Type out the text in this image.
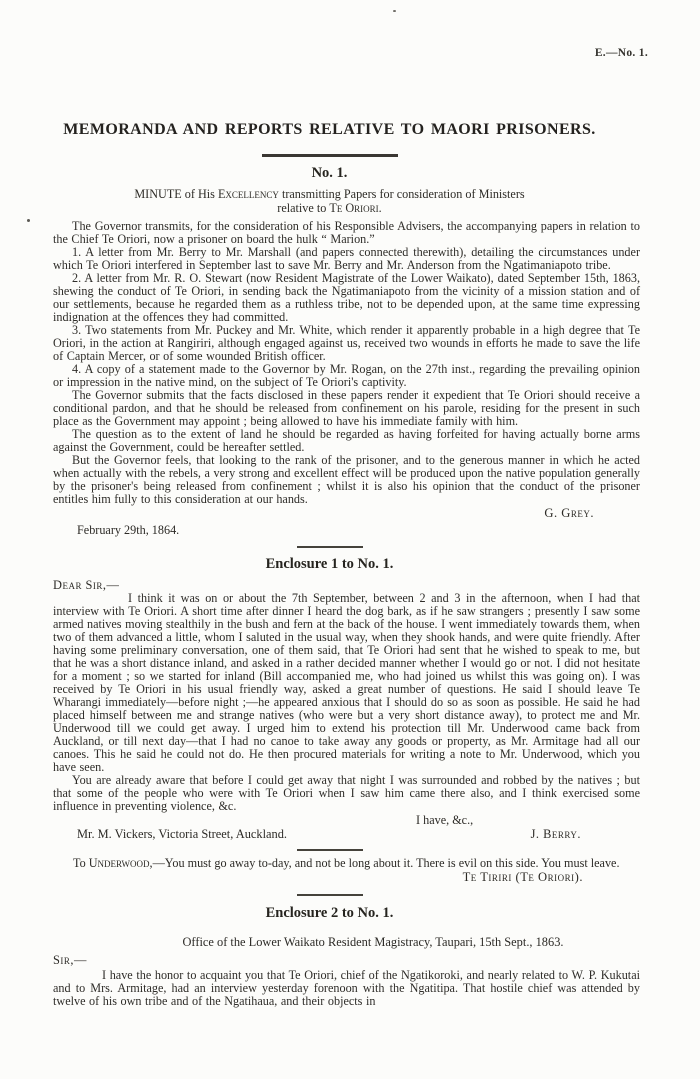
E.—No. 1.
MEMORANDA AND REPORTS RELATIVE TO MAORI PRISONERS.
No. 1.
MINUTE of His Excellency transmitting Papers for consideration of Ministers
relative to Te Oriori.

The Governor transmits, for the consideration of his Responsible Advisers, the accompanying papers in relation to the Chief Te Oriori, now a prisoner on board the hulk “ Marion.”

1. A letter from Mr. Berry to Mr. Marshall (and papers connected therewith), detailing the circumstances under which Te Oriori interfered in September last to save Mr. Berry and Mr. Anderson from the Ngatimaniapoto tribe.

2. A letter from Mr. R. O. Stewart (now Resident Magistrate of the Lower Waikato), dated September 15th, 1863, shewing the conduct of Te Oriori, in sending back the Ngatimaniapoto from the vicinity of a mission station and of our settlements, because he regarded them as a ruthless tribe, not to be depended upon, at the same time expressing indignation at the offences they had committed.

3. Two statements from Mr. Puckey and Mr. White, which render it apparently probable in a high degree that Te Oriori, in the action at Rangiriri, although engaged against us, received two wounds in efforts he made to save the life of Captain Mercer, or of some wounded British officer.

4. A copy of a statement made to the Governor by Mr. Rogan, on the 27th inst., regarding the prevailing opinion or impression in the native mind, on the subject of Te Oriori's captivity.

The Governor submits that the facts disclosed in these papers render it expedient that Te Oriori should receive a conditional pardon, and that he should be released from confinement on his parole, residing for the present in such place as the Government may appoint ; being allowed to have his immediate family with him.

The question as to the extent of land he should be regarded as having forfeited for having actually borne arms against the Government, could be hereafter settled.

But the Governor feels, that looking to the rank of the prisoner, and to the generous manner in which he acted when actually with the rebels, a very strong and excellent effect will be produced upon the native population generally by the prisoner's being released from confinement ; whilst it is also his opinion that the conduct of the prisoner entitles him fully to this consideration at our hands.

G. Grey.
February 29th, 1864.
Enclosure 1 to No. 1.
Dear Sir,—

I think it was on or about the 7th September, between 2 and 3 in the afternoon, when I had that interview with Te Oriori. A short time after dinner I heard the dog bark, as if he saw strangers ; presently I saw some armed natives moving stealthily in the bush and fern at the back of the house. I went immediately towards them, when two of them advanced a little, whom I saluted in the usual way, when they shook hands, and were quite friendly. After having some preliminary conversation, one of them said, that Te Oriori had sent that he wished to speak to me, but that he was a short distance inland, and asked in a rather decided manner whether I would go or not. I did not hesitate for a moment ; so we started for inland (Bill accompanied me, who had joined us whilst this was going on). I was received by Te Oriori in his usual friendly way, asked a great number of questions. He said I should leave Te Wharangi immediately—before night ;—he appeared anxious that I should do so as soon as possible. He said he had placed himself between me and strange natives (who were but a very short distance away), to protect me and Mr. Underwood till we could get away. I urged him to extend his protection till Mr. Underwood came back from Auckland, or till next day—that I had no canoe to take away any goods or property, as Mr. Armitage had all our canoes. This he said he could not do. He then procured materials for writing a note to Mr. Underwood, which you have seen.

You are already aware that before I could get away that night I was surrounded and robbed by the natives ; but that some of the people who were with Te Oriori when I saw him came there also, and I think exercised some influence in preventing violence, &c.

I have, &c.,
Mr. M. Vickers, Victoria Street, Auckland.	J. Berry.

To Underwood,—You must go away to-day, and not be long about it. There is evil on this side. You must leave.

Te Tiriri (Te Oriori).
Enclosure 2 to No. 1.
Office of the Lower Waikato Resident Magistracy, Taupari, 15th Sept., 1863.
Sir,—

I have the honor to acquaint you that Te Oriori, chief of the Ngatikoroki, and nearly related to W. P. Kukutai and to Mrs. Armitage, had an interview yesterday forenoon with the Ngatitipa. That hostile chief was attended by twelve of his own tribe and of the Ngatihaua, and their objects in
